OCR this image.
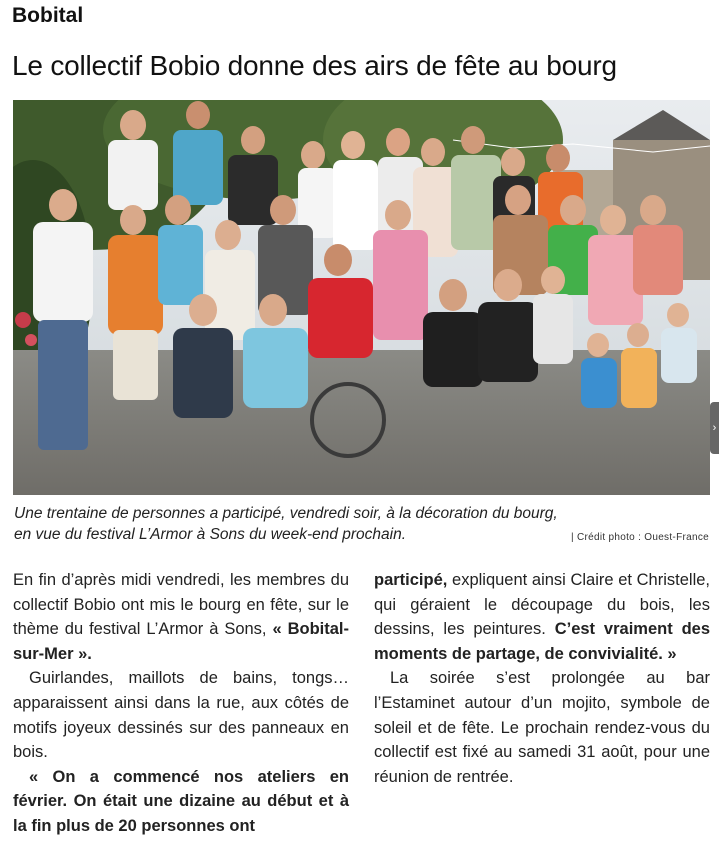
Bobital
Le collectif Bobio donne des airs de fête au bourg
Une trentaine de personnes a participé, vendredi soir, à la décoration du bourg,
en vue du festival L’Armor à Sons du week-end prochain.	| Crédit photo : Ouest-France

En fin d’après midi vendredi, les membres du collectif Bobio ont mis le bourg en fête, sur le thème du festival L’Armor à Sons, « Bobital-sur-Mer ».

Guirlandes, maillots de bains, tongs… apparaissent ainsi dans la rue, aux côtés de motifs joyeux dessinés sur des panneaux en bois.

« On a commencé nos ateliers en février. On était une dizaine au début et à la fin plus de 20 personnes ont

participé, expliquent ainsi Claire et Christelle, qui géraient le découpage du bois, les dessins, les peintures. C’est vraiment des moments de partage, de convivialité. »

La soirée s’est prolongée au bar l’Estaminet autour d’un mojito, symbole de soleil et de fête. Le prochain rendez-vous du collectif est fixé au samedi 31 août, pour une réunion de rentrée.

›
